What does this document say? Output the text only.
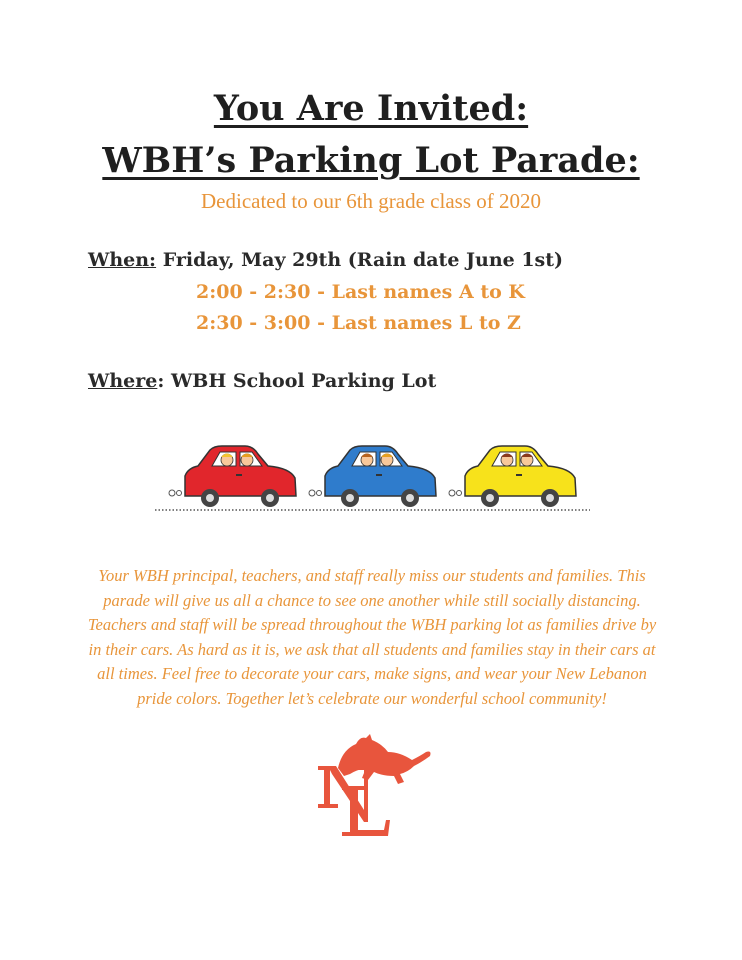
You Are Invited:
WBH’s Parking Lot Parade:
Dedicated to our 6th grade class of 2020
When: Friday, May 29th (Rain date June 1st)
2:00 - 2:30 - Last names A to K
2:30 - 3:00 - Last names L to Z
Where: WBH School Parking Lot

Your WBH principal, teachers, and staff really miss our students and families. This parade will give us all a chance to see one another while still socially distancing. Teachers and staff will be spread throughout the WBH parking lot as families drive by in their cars. As hard as it is, we ask that all students and families stay in their cars at all times. Feel free to decorate your cars, make signs, and wear your New Lebanon pride colors. Together let’s celebrate our wonderful school community!
